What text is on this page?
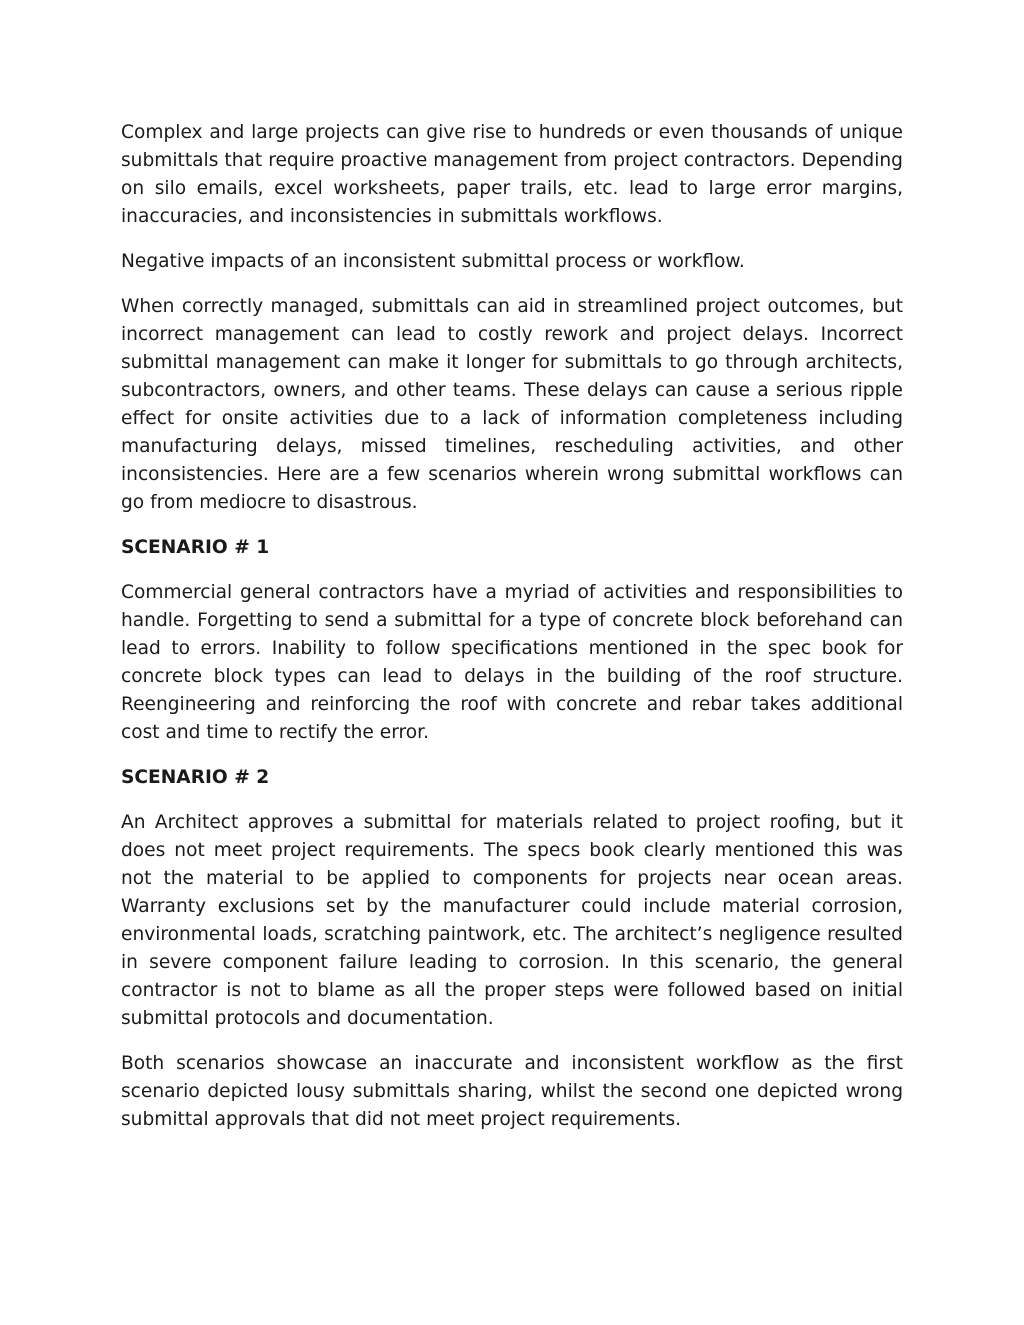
Complex and large projects can give rise to hundreds or even thousands of unique submittals that require proactive management from project contractors. Depending on silo emails, excel worksheets, paper trails, etc. lead to large error margins, inaccuracies, and inconsistencies in submittals workflows.

Negative impacts of an inconsistent submittal process or workflow.

When correctly managed, submittals can aid in streamlined project outcomes, but incorrect management can lead to costly rework and project delays. Incorrect submittal management can make it longer for submittals to go through architects, subcontractors, owners, and other teams. These delays can cause a serious ripple effect for onsite activities due to a lack of information completeness including manufacturing delays, missed timelines, rescheduling activities, and other inconsistencies. Here are a few scenarios wherein wrong submittal workflows can go from mediocre to disastrous.

SCENARIO # 1

Commercial general contractors have a myriad of activities and responsibilities to handle. Forgetting to send a submittal for a type of concrete block beforehand can lead to errors. Inability to follow specifications mentioned in the spec book for concrete block types can lead to delays in the building of the roof structure. Reengineering and reinforcing the roof with concrete and rebar takes additional cost and time to rectify the error.

SCENARIO # 2

An Architect approves a submittal for materials related to project roofing, but it does not meet project requirements. The specs book clearly mentioned this was not the material to be applied to components for projects near ocean areas. Warranty exclusions set by the manufacturer could include material corrosion, environmental loads, scratching paintwork, etc. The architect’s negligence resulted in severe component failure leading to corrosion. In this scenario, the general contractor is not to blame as all the proper steps were followed based on initial submittal protocols and documentation.

Both scenarios showcase an inaccurate and inconsistent workflow as the first scenario depicted lousy submittals sharing, whilst the second one depicted wrong submittal approvals that did not meet project requirements.
